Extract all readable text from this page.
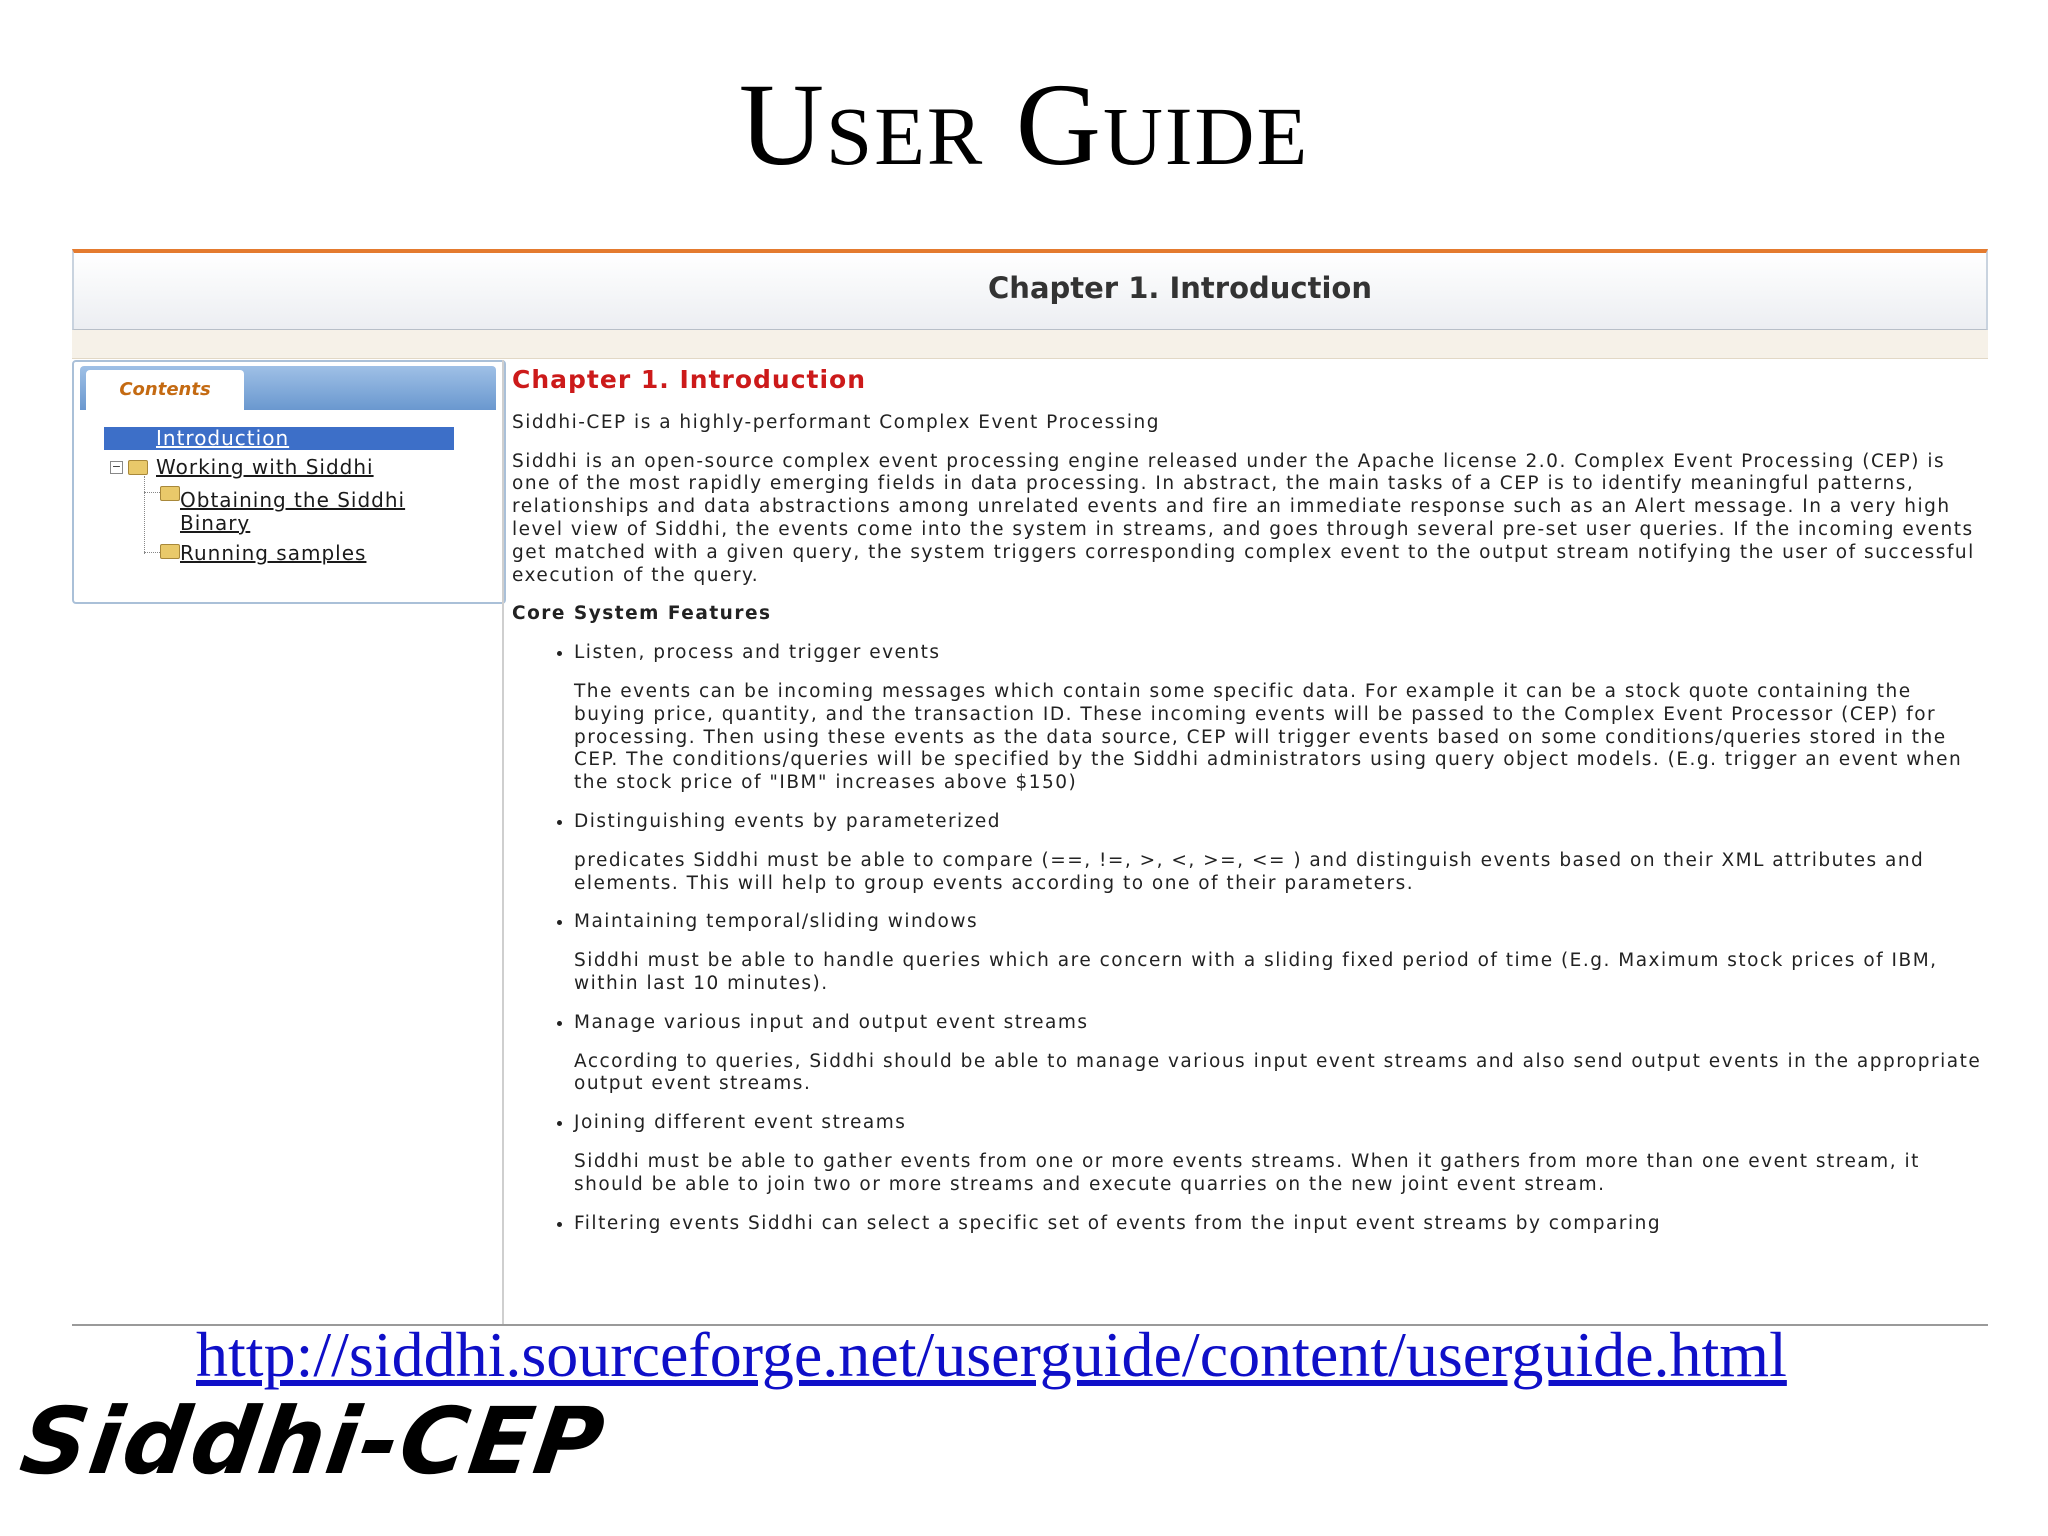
User Guide
Chapter 1. Introduction
Contents
Introduction
− Working with Siddhi
Obtaining the Siddhi
Binary
Running samples
Chapter 1. Introduction

Siddhi-CEP is a highly-performant Complex Event Processing

Siddhi is an open-source complex event processing engine released under the Apache license 2.0. Complex Event Processing (CEP) is one of the most rapidly emerging fields in data processing. In abstract, the main tasks of a CEP is to identify meaningful patterns, relationships and data abstractions among unrelated events and fire an immediate response such as an Alert message. In a very high level view of Siddhi, the events come into the system in streams, and goes through several pre-set user queries. If the incoming events get matched with a given query, the system triggers corresponding complex event to the output stream notifying the user of successful execution of the query.

Core System Features
• Listen, process and trigger events

The events can be incoming messages which contain some specific data. For example it can be a stock quote containing the buying price, quantity, and the transaction ID. These incoming events will be passed to the Complex Event Processor (CEP) for processing. Then using these events as the data source, CEP will trigger events based on some conditions/queries stored in the CEP. The conditions/queries will be specified by the Siddhi administrators using query object models. (E.g. trigger an event when the stock price of "IBM" increases above $150)

• Distinguishing events by parameterized

predicates Siddhi must be able to compare (==, !=, >, <, >=, <= ) and distinguish events based on their XML attributes and elements. This will help to group events according to one of their parameters.

• Maintaining temporal/sliding windows

Siddhi must be able to handle queries which are concern with a sliding fixed period of time (E.g. Maximum stock prices of IBM, within last 10 minutes).

• Manage various input and output event streams

According to queries, Siddhi should be able to manage various input event streams and also send output events in the appropriate output event streams.

• Joining different event streams

Siddhi must be able to gather events from one or more events streams. When it gathers from more than one event stream, it should be able to join two or more streams and execute quarries on the new joint event stream.

• Filtering events Siddhi can select a specific set of events from the input event streams by comparing
http://siddhi.sourceforge.net/userguide/content/userguide.html
Siddhi-CEP
